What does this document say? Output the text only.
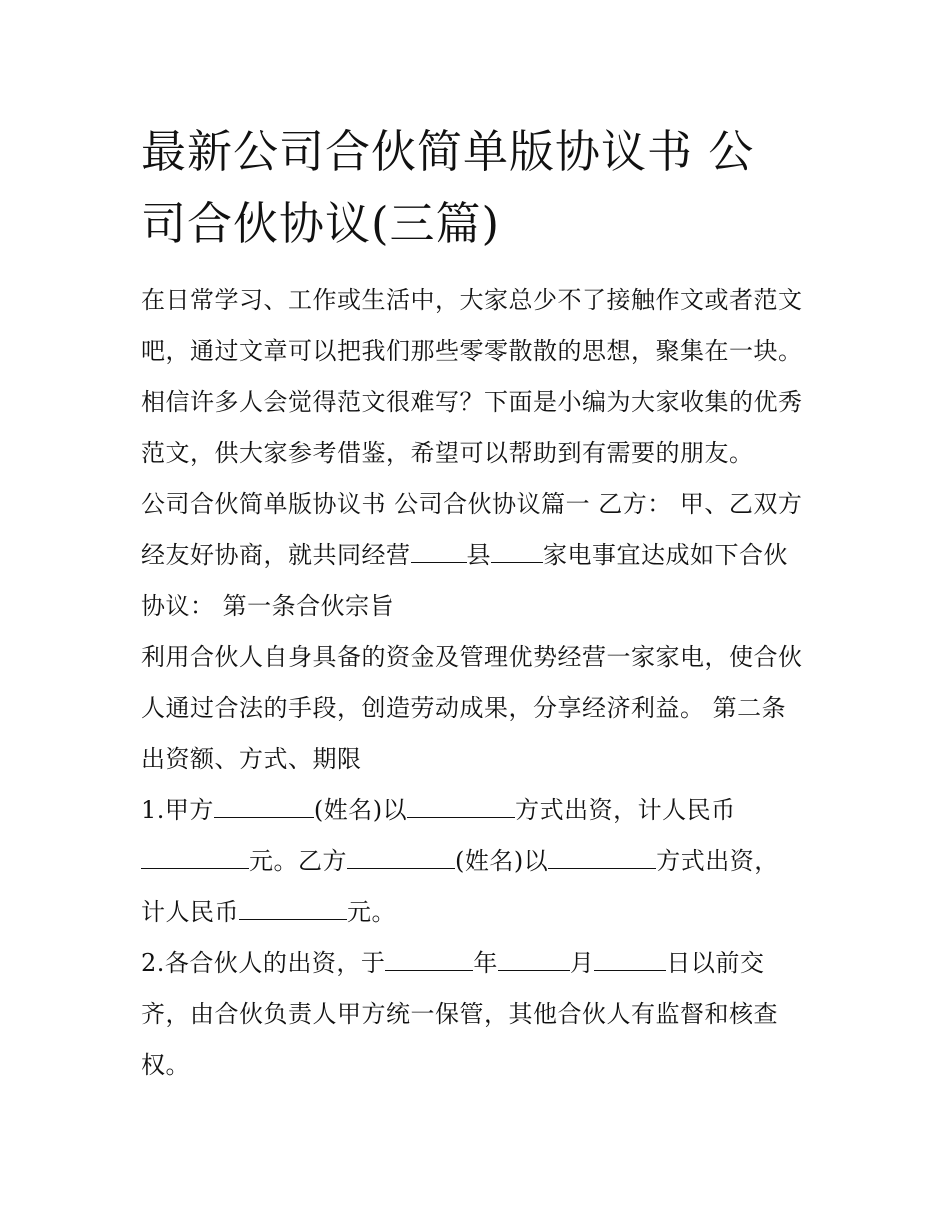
最新公司合伙简单版协议书 公
司合伙协议(三篇)
在日常学习、工作或生活中，大家总少不了接触作文或者范文
吧，通过文章可以把我们那些零零散散的思想，聚集在一块。
相信许多人会觉得范文很难写？下面是小编为大家收集的优秀
范文，供大家参考借鉴，希望可以帮助到有需要的朋友。
公司合伙简单版协议书 公司合伙协议篇一 乙方： 甲、乙双方
经友好协商，就共同经营 县 家电事宜达成如下合伙
协议： 第一条合伙宗旨
利用合伙人自身具备的资金及管理优势经营一家家电，使合伙
人通过合法的手段，创造劳动成果，分享经济利益。 第二条
出资额、方式、期限
1.甲方	(姓名)以	方式出资，计人民币
元。乙方	(姓名)以	方式出资，
计人民币	元。
2.各合伙人的出资，于	年	月	日以前交
齐，由合伙负责人甲方统一保管，其他合伙人有监督和核查
权。
